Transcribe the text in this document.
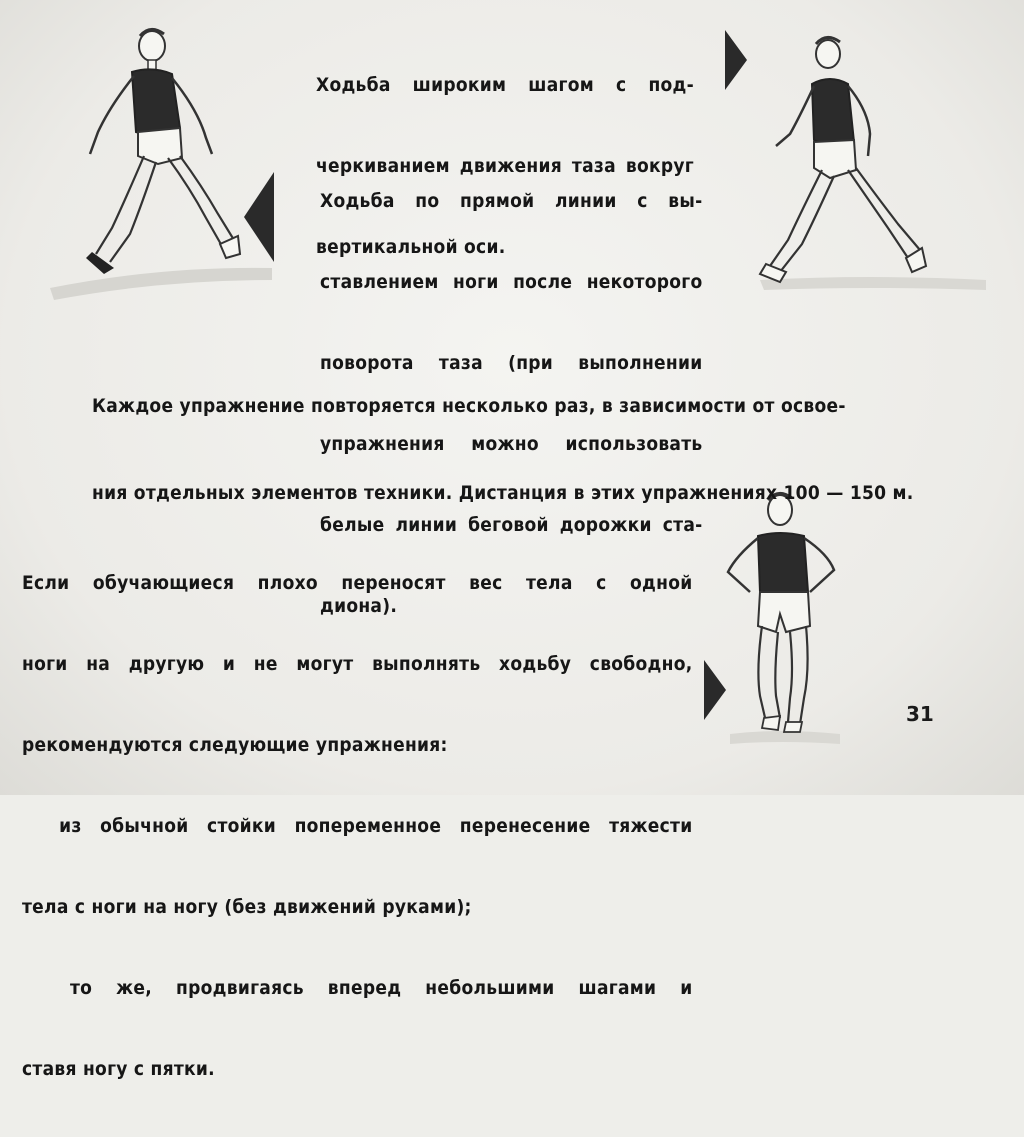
Ходьба широким шагом с под-

черкиванием движения таза вокруг

вертикальной оси.

Ходьба по прямой линии с вы-

ставлением ноги после некоторого

поворота таза (при выполнении

упражнения можно использовать

белые линии беговой дорожки ста-

диона).

Каждое упражнение повторяется несколько раз, в зависимости от освое-

ния отдельных элементов техники. Дистанция в этих упражнениях 100 — 150 м.

Если обучающиеся плохо переносят вес тела с одной

ноги на другую и не могут выполнять ходьбу свободно,

рекомендуются следующие упражнения:

из обычной стойки попеременное перенесение тяжести

тела с ноги на ногу (без движений руками);

то же, продвигаясь вперед небольшими шагами и

ставя ногу с пятки.

31
